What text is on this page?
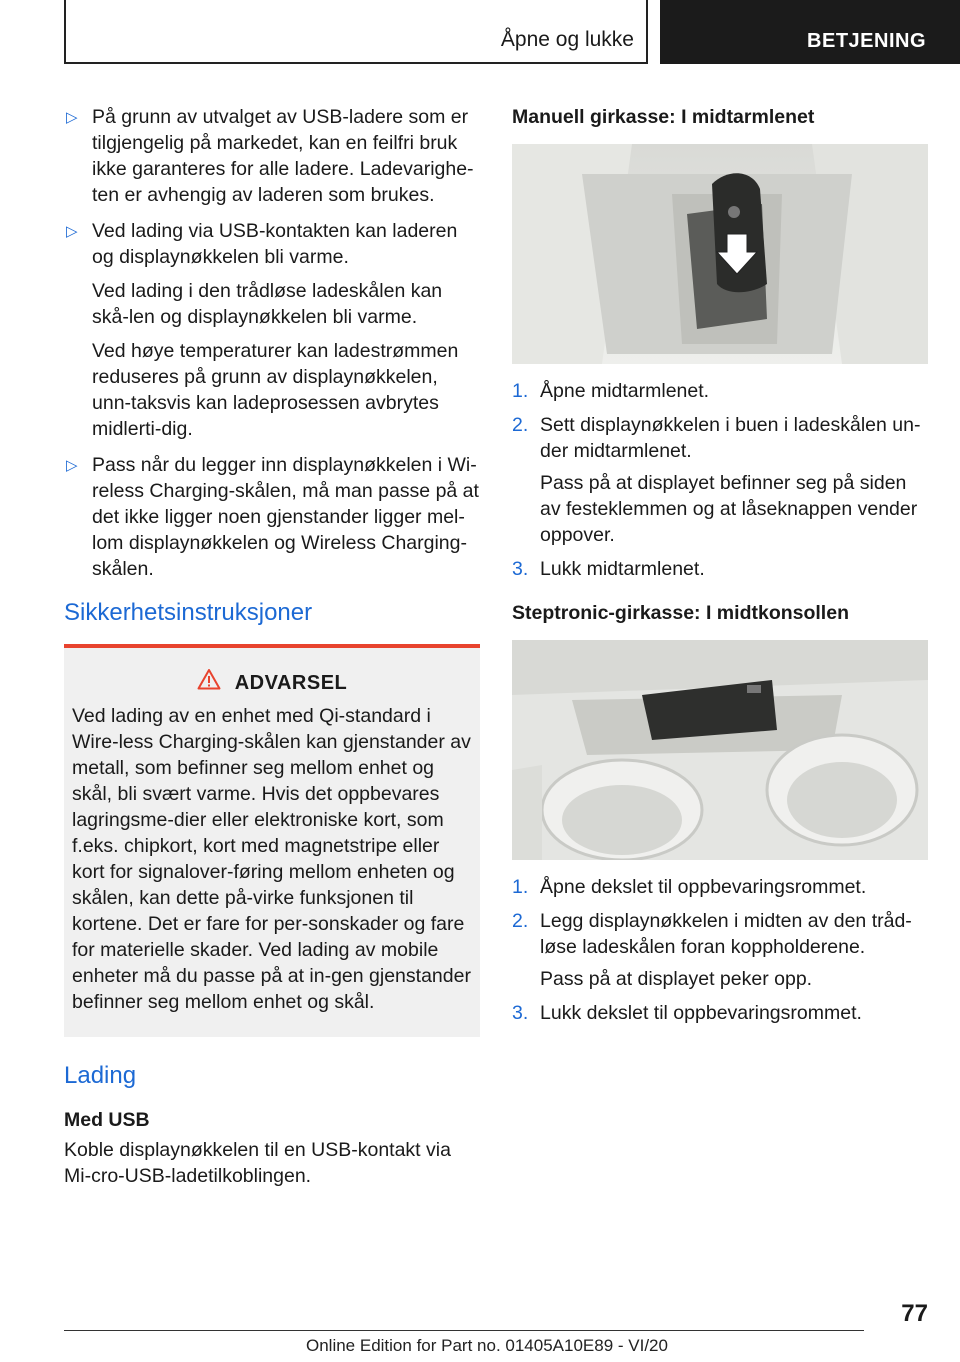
Åpne og lukke	BETJENING
▷ På grunn av utvalget av USB-ladere som er tilgjengelig på markedet, kan en feilfri bruk ikke garanteres for alle ladere. Ladevarighe-ten er avhengig av laderen som brukes.

▷ Ved lading via USB-kontakten kan laderen og displaynøkkelen bli varme.

Ved lading i den trådløse ladeskålen kan skå-len og displaynøkkelen bli varme.

Ved høye temperaturer kan ladestrømmen reduseres på grunn av displaynøkkelen, unn-taksvis kan ladeprosessen avbrytes midlerti-dig.

▷ Pass når du legger inn displaynøkkelen i Wi-reless Charging-skålen, må man passe på at det ikke ligger noen gjenstander ligger mel-lom displaynøkkelen og Wireless Charging-skålen.

Sikkerhetsinstruksjoner
ADVARSEL

Ved lading av en enhet med Qi-standard i Wire-less Charging-skålen kan gjenstander av metall, som befinner seg mellom enhet og skål, bli svært varme. Hvis det oppbevares lagringsme-dier eller elektroniske kort, som f.eks. chipkort, kort med magnetstripe eller kort for signalover-føring mellom enheten og skålen, kan dette på-virke funksjonen til kortene. Det er fare for per-sonskader og fare for materielle skader. Ved lading av mobile enheter må du passe på at in-gen gjenstander befinner seg mellom enhet og skål.

Lading
Med USB

Koble displaynøkkelen til en USB-kontakt via Mi-cro-USB-ladetilkoblingen.

Manuell girkasse: I midtarmlenet
1. Åpne midtarmlenet.

2. Sett displaynøkkelen i buen i ladeskålen un-der midtarmlenet.

Pass på at displayet befinner seg på siden av festeklemmen og at låseknappen vender oppover.

3. Lukk midtarmlenet.

Steptronic-girkasse: I midtkonsollen
1. Åpne dekslet til oppbevaringsrommet.

2. Legg displaynøkkelen i midten av den tråd-løse ladeskålen foran koppholderene.

Pass på at displayet peker opp.

3. Lukk dekslet til oppbevaringsrommet.

77
Online Edition for Part no. 01405A10E89 - VI/20
